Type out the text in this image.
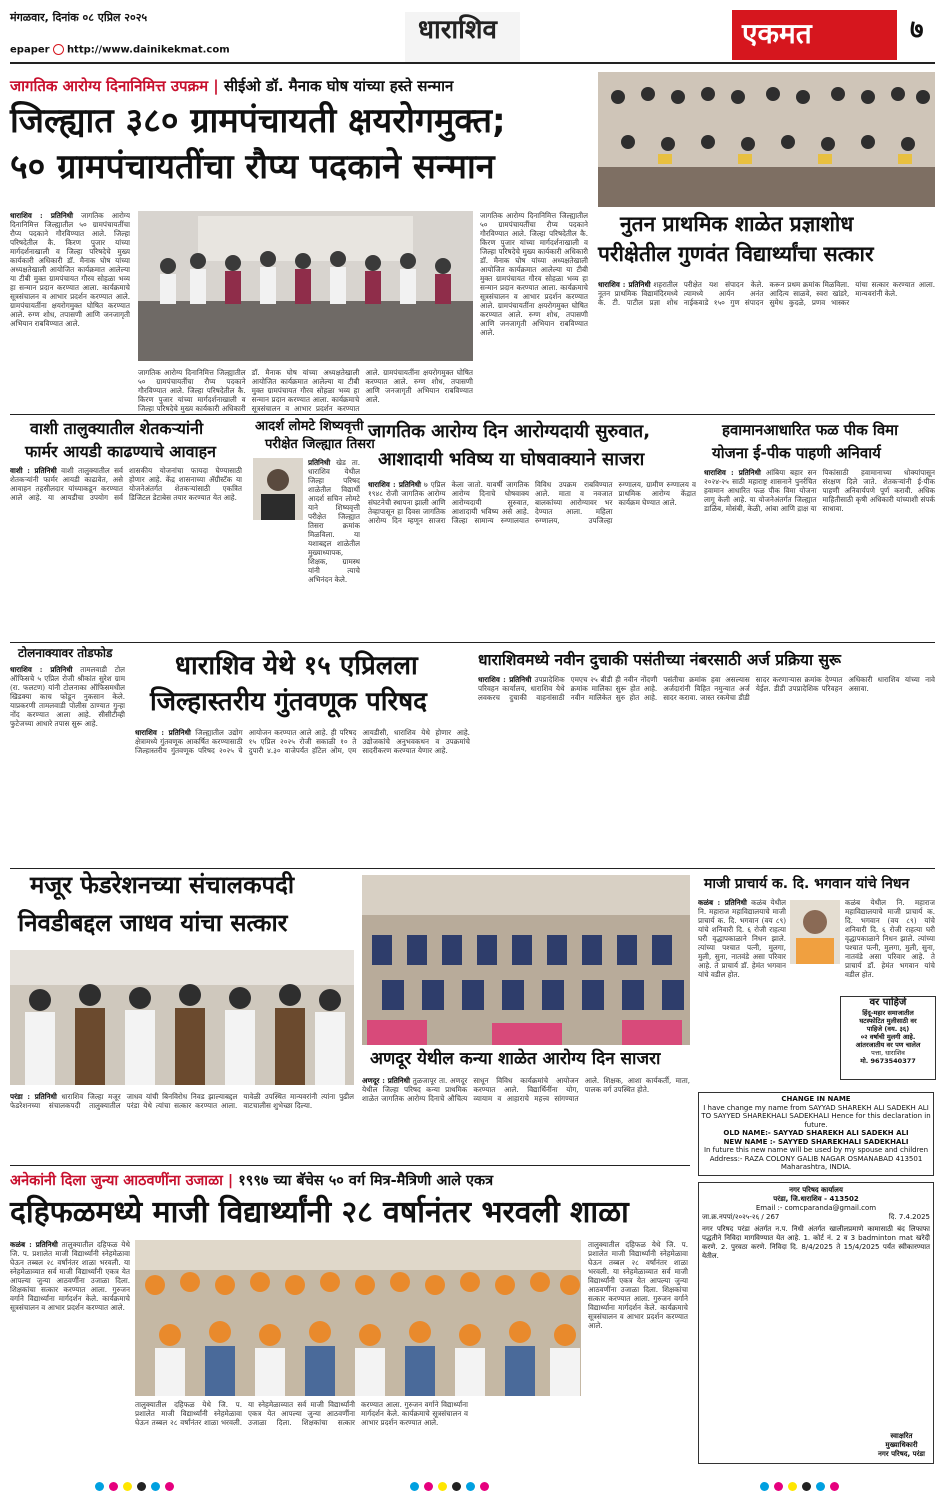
मंगळवार, दिनांक ०८ एप्रिल २०२५
epaper http://www.dainikekmat.com
धाराशिव	एकमत	७
जागतिक आरोग्य दिनानिमित्त उपक्रम | सीईओ डॉ. मैनाक घोष यांच्या हस्ते सन्मान
जिल्ह्यात ३८० ग्रामपंचायती क्षयरोगमुक्त;
५० ग्रामपंचायतींचा रौप्य पदकाने सन्मान
धाराशिव : प्रतिनिधी जागतिक आरोग्य दिनानिमित्त जिल्ह्यातील ५० ग्रामपंचायतींचा रौप्य पदकाने गौरविण्यात आले. जिल्हा परिषदेतील कै. किरण पुजार यांच्या मार्गदर्शनाखाली व जिल्हा परिषदेचे मुख्य कार्यकारी अधिकारी डॉ. मैनाक घोष यांच्या अध्यक्षतेखाली आयोजित कार्यक्रमात आलेल्या या टीबी मुक्त ग्रामपंचायत गौरव सोहळा भव्य हा सन्मान प्रदान करण्यात आला. कार्यक्रमाचे सूत्रसंचालन व आभार प्रदर्शन करण्यात आले. ग्रामपंचायतींना क्षयरोगमुक्त घोषित करण्यात आले. रुग्ण शोध, तपासणी आणि जनजागृती अभियान राबविण्यात आले.
जागतिक आरोग्य दिनानिमित्त जिल्ह्यातील ५० ग्रामपंचायतींचा रौप्य पदकाने गौरविण्यात आले. जिल्हा परिषदेतील कै. किरण पुजार यांच्या मार्गदर्शनाखाली व जिल्हा परिषदेचे मुख्य कार्यकारी अधिकारी डॉ. मैनाक घोष यांच्या अध्यक्षतेखाली आयोजित कार्यक्रमात आलेल्या या टीबी मुक्त ग्रामपंचायत गौरव सोहळा भव्य हा सन्मान प्रदान करण्यात आला. कार्यक्रमाचे सूत्रसंचालन व आभार प्रदर्शन करण्यात आले. ग्रामपंचायतींना क्षयरोगमुक्त घोषित करण्यात आले. रुग्ण शोध, तपासणी आणि जनजागृती अभियान राबविण्यात आले.
जागतिक आरोग्य दिनानिमित्त जिल्ह्यातील ५० ग्रामपंचायतींचा रौप्य पदकाने गौरविण्यात आले. जिल्हा परिषदेतील कै. किरण पुजार यांच्या मार्गदर्शनाखाली व जिल्हा परिषदेचे मुख्य कार्यकारी अधिकारी डॉ. मैनाक घोष यांच्या अध्यक्षतेखाली आयोजित कार्यक्रमात आलेल्या या टीबी मुक्त ग्रामपंचायत गौरव सोहळा भव्य हा सन्मान प्रदान करण्यात आला. कार्यक्रमाचे सूत्रसंचालन व आभार प्रदर्शन करण्यात आले. ग्रामपंचायतींना क्षयरोगमुक्त घोषित करण्यात आले. रुग्ण शोध, तपासणी आणि जनजागृती अभियान राबविण्यात आले.
नुतन प्राथमिक शाळेत प्रज्ञाशोध
परीक्षेतील गुणवंत विद्यार्थ्यांचा सत्कार
धाराशिव : प्रतिनिधी शहरातील नूतन प्राथमिक विद्यामंदिरमध्ये के. टी. पाटील प्रज्ञा शोध परीक्षेत यश संपादन केले. त्यामध्ये आर्यन अनंत नाईकवाडे १५० गुण संपादन करून प्रथम क्रमांक मिळविला. आदित्य साळवे, स्वरा खांडरे, सुमेध कुदळे, प्रणव भास्कर यांचा सत्कार करण्यात आला. मान्यवरांनी केले.
वाशी तालुक्यातील शेतकऱ्यांनी
फार्मर आयडी काढण्याचे आवाहन
वाशी : प्रतिनिधी वाशी तालुक्यातील सर्व शेतकऱ्यांनी फार्मर आयडी काढावेत, असे आवाहन तहसीलदार यांच्याकडून करण्यात आले आहे. या आयडीचा उपयोग सर्व शासकीय योजनांचा फायदा घेण्यासाठी होणार आहे. केंद्र शासनाच्या ॲग्रीस्टॅक या योजनेअंतर्गत शेतकऱ्यांसाठी एकत्रित डिजिटल डेटाबेस तयार करण्यात येत आहे.
आदर्श लोमटे शिष्यवृत्ती
परीक्षेत जिल्ह्यात तिसरा
प्रतिनिधी खेड ता. धाराशिव येथील जिल्हा परिषद शाळेतील विद्यार्थी आदर्श सचिन लोमटे याने शिष्यवृत्ती परीक्षेत जिल्ह्यात तिसरा क्रमांक मिळविला. या यशाबद्दल शाळेतील मुख्याध्यापक, शिक्षक, ग्रामस्थ यांनी त्याचे अभिनंदन केले.
जागतिक आरोग्य दिन आरोग्यदायी सुरुवात,
आशादायी भविष्य या घोषवाक्याने साजरा
धाराशिव : प्रतिनिधी ७ एप्रिल १९४८ रोजी जागतिक आरोग्य संघटनेची स्थापना झाली आणि तेव्हापासून हा दिवस जागतिक आरोग्य दिन म्हणून साजरा केला जातो. यावर्षी जागतिक आरोग्य दिनाचे घोषवाक्य आरोग्यदायी सुरुवात, आशादायी भविष्य असे आहे. जिल्हा सामान्य रुग्णालयात विविध उपक्रम राबविण्यात आले. माता व नवजात बालकांच्या आरोग्यावर भर देण्यात आला. महिला रुग्णालय, उपजिल्हा रुग्णालय, ग्रामीण रुग्णालय व प्राथमिक आरोग्य केंद्रात कार्यक्रम घेण्यात आले.
हवामानआधारित फळ पीक विमा
योजना ई-पीक पाहणी अनिवार्य
धाराशिव : प्रतिनिधी आंबिया बहार सन २०२४-२५ साठी महाराष्ट्र शासनाने पुनर्रचित हवामान आधारित फळ पीक विमा योजना लागू केली आहे. या योजनेअंतर्गत जिल्ह्यात डाळिंब, मोसंबी, केळी, आंबा आणि द्राक्ष या पिकांसाठी हवामानाच्या धोक्यांपासून संरक्षण दिले जाते. शेतकऱ्यांनी ई-पीक पाहणी अनिवार्यपणे पूर्ण करावी. अधिक माहितीसाठी कृषी अधिकारी यांच्याशी संपर्क साधावा.
टोलनाक्यावर तोडफोड
धाराशिव : प्रतिनिधी तामलवाडी टोल ऑफिसचे ५ एप्रिल रोजी श्रीकांत सुरेश ग्राम (रा. फलटण) यांनी टोलनाका ऑफिसमधील खिडक्या काच फोडून नुकसान केले. याप्रकरणी तामलवाडी पोलीस ठाण्यात गुन्हा नोंद करण्यात आला आहे. सीसीटीव्ही फुटेजच्या आधारे तपास सुरू आहे.
धाराशिव येथे १५ एप्रिलला
जिल्हास्तरीय गुंतवणूक परिषद
धाराशिव : प्रतिनिधी जिल्ह्यातील उद्योग क्षेत्रामध्ये गुंतवणूक आकर्षित करण्यासाठी जिल्हास्तरीय गुंतवणूक परिषद २०२५ चे आयोजन करण्यात आले आहे. ही परिषद १५ एप्रिल २०२५ रोजी सकाळी १० ते दुपारी ४.३० वाजेपर्यंत हॉटेल ओम, एम आयडीसी, धाराशिव येथे होणार आहे. उद्योजकांचे अनुभवकथन व उपक्रमांचे सादरीकरण करण्यात येणार आहे.
धाराशिवमध्ये नवीन दुचाकी पसंतीच्या नंबरसाठी अर्ज प्रक्रिया सुरू
धाराशिव : प्रतिनिधी उपप्रादेशिक परिवहन कार्यालय, धाराशिव येथे लवकरच दुचाकी वाहनांसाठी एमएच २५ बीडी ही नवीन नोंदणी क्रमांक मालिका सुरू होत आहे. नवीन मालिकेत सुरु होत आहे. पसंतीचा क्रमांक हवा असल्यास अर्जदारांनी विहित नमुन्यात अर्ज सादर करावा. जास्त रकमेचा डीडी सादर करणाऱ्यास क्रमांक देण्यात येईल. डीडी उपप्रादेशिक परिवहन अधिकारी धाराशिव यांच्या नावे असावा.
मजूर फेडरेशनच्या संचालकपदी
निवडीबद्दल जाधव यांचा सत्कार
परंडा : प्रतिनिधी धाराशिव जिल्हा मजूर फेडरेशनच्या संचालकपदी तालुक्यातील जाधव यांची बिनविरोध निवड झाल्याबद्दल परंडा येथे त्यांचा सत्कार करण्यात आला. यावेळी उपस्थित मान्यवरांनी त्यांना पुढील वाटचालीस शुभेच्छा दिल्या.
अणदूर येथील कन्या शाळेत आरोग्य दिन साजरा
अणदूर : प्रतिनिधी तुळजापूर ता. अणदूर येथील जिल्हा परिषद कन्या प्राथमिक शाळेत जागतिक आरोग्य दिनाचे औचित्य साधून विविध कार्यक्रमांचे आयोजन करण्यात आले. विद्यार्थिनींना योग, व्यायाम व आहाराचे महत्त्व सांगण्यात आले. शिक्षक, आशा कार्यकर्ती, माता, पालक वर्ग उपस्थित होते.
माजी प्राचार्य क. दि. भगवान यांचे निधन
कळंब : प्रतिनिधी कळंब येथील नि. महाराज महाविद्यालयाचे माजी प्राचार्य क. दि. भगवान (वय ८९) यांचे शनिवारी दि. ६ रोजी राहत्या घरी वृद्धापकाळाने निधन झाले. त्यांच्या पश्चात पत्नी, मुलगा, मुली, सुना, नातवंडे असा परिवार आहे. ते प्राचार्य डॉ. हेमंत भगवान यांचे वडील होत.
कळंब येथील नि. महाराज महाविद्यालयाचे माजी प्राचार्य क. दि. भगवान (वय ८९) यांचे शनिवारी दि. ६ रोजी राहत्या घरी वृद्धापकाळाने निधन झाले. त्यांच्या पश्चात पत्नी, मुलगा, मुली, सुना, नातवंडे असा परिवार आहे. ते प्राचार्य डॉ. हेमंत भगवान यांचे वडील होत.
वर पाहिजे
हिंदू-महार समाजातील
घटस्फोटित मुलीसाठी वर
पाहिजे (वय. ३६)
०२ वर्षाची मुलगी आहे.
आंतरजातीय वर पण चालेल
पत्ता, धाराशिव
मो. 9673540377
CHANGE IN NAME
I have change my name from SAYYAD SHAREKH ALI SADEKH ALI TO SAYYED SHAREKHALI SADEKHALI Hence for this declaration in future.
OLD NAME:- SAYYAD SHAREKH ALI SADEKH ALI
NEW NAME :- SAYYED SHAREKHALI SADEKHALI
In future this new name will be used by my spouse and children
Address:- RAZA COLONY GALIB NAGAR OSMANABAD 413501 Maharashtra, INDIA.
अनेकांनी दिला जुन्या आठवणींना उजाळा | १९९७ च्या बॅचेस ५० वर्ग मित्र-मैत्रिणी आले एकत्र
दहिफळमध्ये माजी विद्यार्थ्यांनी २८ वर्षानंतर भरवली शाळा
कळंब : प्रतिनिधी तालुक्यातील दहिफळ येथे जि. प. प्रशालेत माजी विद्यार्थ्यांनी स्नेहमेळावा घेऊन तब्बल २८ वर्षांनंतर शाळा भरवली. या स्नेहमेळाव्यात सर्व माजी विद्यार्थ्यांनी एकत्र येत आपल्या जुन्या आठवणींना उजाळा दिला. शिक्षकांचा सत्कार करण्यात आला. गुरुजन वर्गाने विद्यार्थ्यांना मार्गदर्शन केले. कार्यक्रमाचे सूत्रसंचालन व आभार प्रदर्शन करण्यात आले.
तालुक्यातील दहिफळ येथे जि. प. प्रशालेत माजी विद्यार्थ्यांनी स्नेहमेळावा घेऊन तब्बल २८ वर्षांनंतर शाळा भरवली. या स्नेहमेळाव्यात सर्व माजी विद्यार्थ्यांनी एकत्र येत आपल्या जुन्या आठवणींना उजाळा दिला. शिक्षकांचा सत्कार करण्यात आला. गुरुजन वर्गाने विद्यार्थ्यांना मार्गदर्शन केले. कार्यक्रमाचे सूत्रसंचालन व आभार प्रदर्शन करण्यात आले.
तालुक्यातील दहिफळ येथे जि. प. प्रशालेत माजी विद्यार्थ्यांनी स्नेहमेळावा घेऊन तब्बल २८ वर्षांनंतर शाळा भरवली. या स्नेहमेळाव्यात सर्व माजी विद्यार्थ्यांनी एकत्र येत आपल्या जुन्या आठवणींना उजाळा दिला. शिक्षकांचा सत्कार करण्यात आला. गुरुजन वर्गाने विद्यार्थ्यांना मार्गदर्शन केले. कार्यक्रमाचे सूत्रसंचालन व आभार प्रदर्शन करण्यात आले.
नगर परिषद कार्यालय
परंडा, जि.धाराशिव - 413502
Email :- comcparanda@gmail.com
जा.क्र.नपपां/२०२५-२६ / 267	दि. 7.4.2025
नगर परिषद परंडा अंतर्गत न.प. निधी अंतर्गत खालीलप्रमाणे कामासाठी बंद लिफाफा पद्धतीने निविदा मागविण्यात येत आहे. 1. कोर्ट नं. 2 व 3 badminton mat खरेदी करणे. 2. पुरवठा करणे. निविदा दि. 8/4/2025 ते 15/4/2025 पर्यंत स्वीकारण्यात येतील.
स्वाक्षरित
मुख्याधिकारी
नगर परिषद, परंडा
